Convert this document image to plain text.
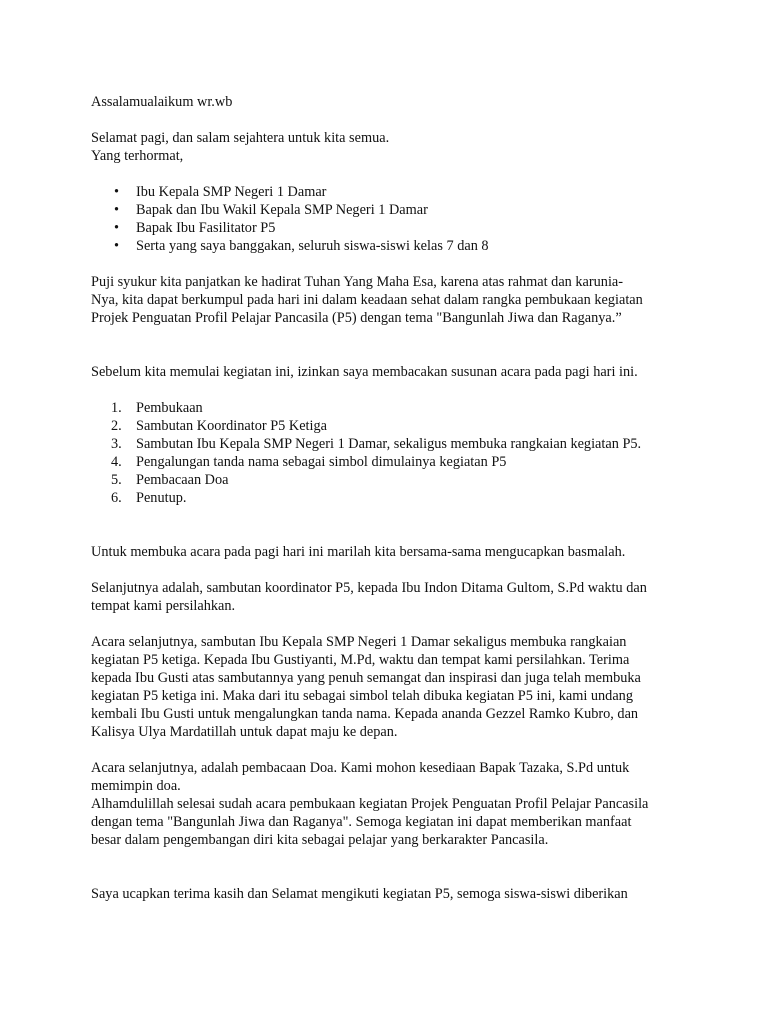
Assalamualaikum wr.wb
Selamat pagi, dan salam sejahtera untuk kita semua.
Yang terhormat,
• Ibu Kepala SMP Negeri 1 Damar
• Bapak dan Ibu Wakil Kepala SMP Negeri 1 Damar
• Bapak Ibu Fasilitator P5
• Serta yang saya banggakan, seluruh siswa-siswi kelas 7 dan 8
Puji syukur kita panjatkan ke hadirat Tuhan Yang Maha Esa, karena atas rahmat dan karunia-
Nya, kita dapat berkumpul pada hari ini dalam keadaan sehat dalam rangka pembukaan kegiatan
Projek Penguatan Profil Pelajar Pancasila (P5) dengan tema "Bangunlah Jiwa dan Raganya.”
Sebelum kita memulai kegiatan ini, izinkan saya membacakan susunan acara pada pagi hari ini.
1. Pembukaan
2. Sambutan Koordinator P5 Ketiga
3. Sambutan Ibu Kepala SMP Negeri 1 Damar, sekaligus membuka rangkaian kegiatan P5.
4. Pengalungan tanda nama sebagai simbol dimulainya kegiatan P5
5. Pembacaan Doa
6. Penutup.
Untuk membuka acara pada pagi hari ini marilah kita bersama-sama mengucapkan basmalah.
Selanjutnya adalah, sambutan koordinator P5, kepada Ibu Indon Ditama Gultom, S.Pd waktu dan
tempat kami persilahkan.
Acara selanjutnya, sambutan Ibu Kepala SMP Negeri 1 Damar sekaligus membuka rangkaian
kegiatan P5 ketiga. Kepada Ibu Gustiyanti, M.Pd, waktu dan tempat kami persilahkan. Terima
kepada Ibu Gusti atas sambutannya yang penuh semangat dan inspirasi dan juga telah membuka
kegiatan P5 ketiga ini. Maka dari itu sebagai simbol telah dibuka kegiatan P5 ini, kami undang
kembali Ibu Gusti untuk mengalungkan tanda nama. Kepada ananda Gezzel Ramko Kubro, dan
Kalisya Ulya Mardatillah untuk dapat maju ke depan.
Acara selanjutnya, adalah pembacaan Doa. Kami mohon kesediaan Bapak Tazaka, S.Pd untuk
memimpin doa.
Alhamdulillah selesai sudah acara pembukaan kegiatan Projek Penguatan Profil Pelajar Pancasila
dengan tema "Bangunlah Jiwa dan Raganya". Semoga kegiatan ini dapat memberikan manfaat
besar dalam pengembangan diri kita sebagai pelajar yang berkarakter Pancasila.
Saya ucapkan terima kasih dan Selamat mengikuti kegiatan P5, semoga siswa-siswi diberikan
